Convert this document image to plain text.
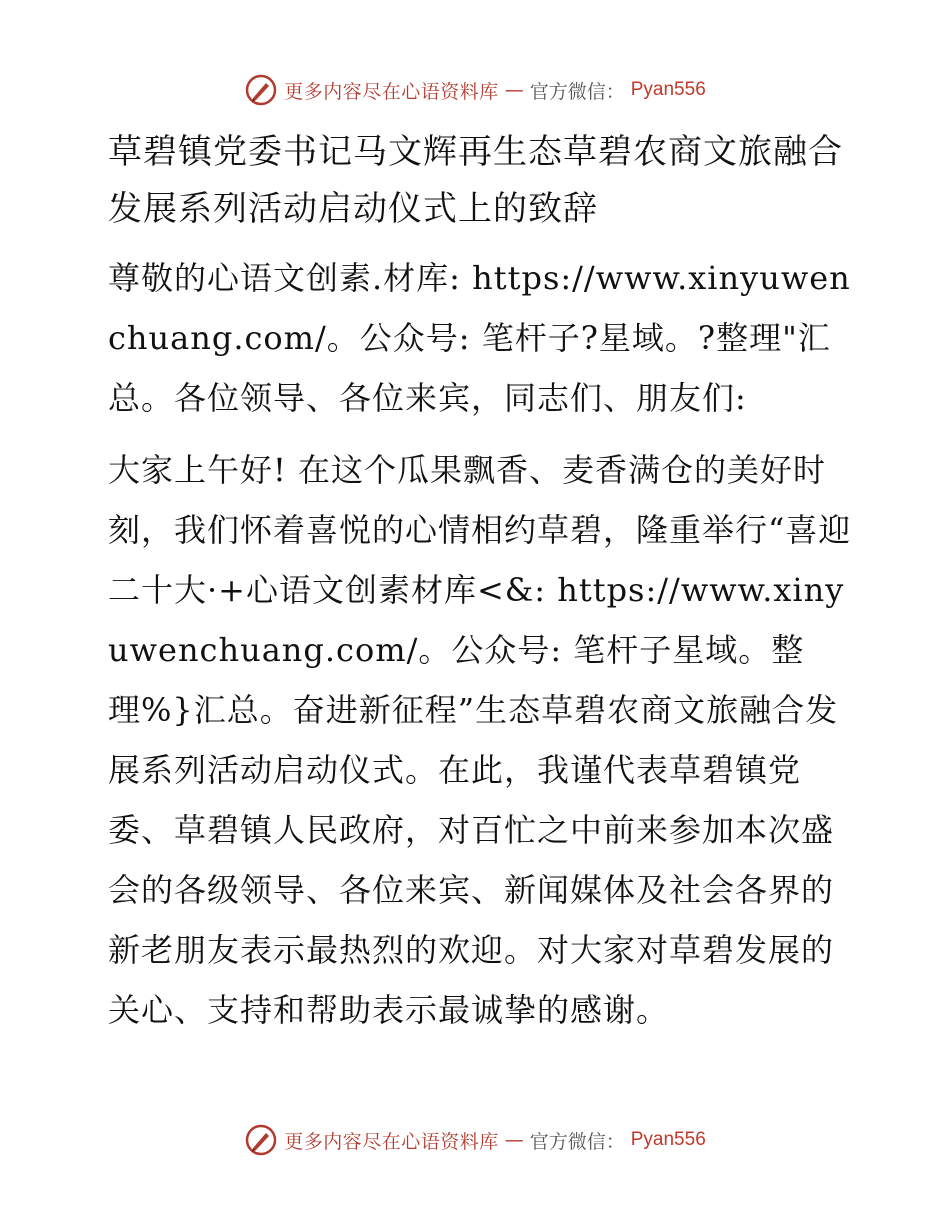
更多内容尽在心语资料库 — 官方微信： Pyan556
草碧镇党委书记马文辉再生态草碧农商文旅融合发展系列活动启动仪式上的致辞

尊敬的心语文创素.材库: https://www.xinyuwenchuang.com/。公众号: 笔杆子?星域。?整理"汇总。各位领导、各位来宾，同志们、朋友们:

大家上午好! 在这个瓜果飘香、麦香满仓的美好时刻，我们怀着喜悦的心情相约草碧，隆重举行“喜迎二十大·+心语文创素材库<&: https://www.xinyuwenchuang.com/。公众号: 笔杆子星域。整理%}汇总。奋进新征程”生态草碧农商文旅融合发展系列活动启动仪式。在此，我谨代表草碧镇党委、草碧镇人民政府，对百忙之中前来参加本次盛会的各级领导、各位来宾、新闻媒体及社会各界的新老朋友表示最热烈的欢迎。对大家对草碧发展的关心、支持和帮助表示最诚挚的感谢。

更多内容尽在心语资料库 — 官方微信： Pyan556
